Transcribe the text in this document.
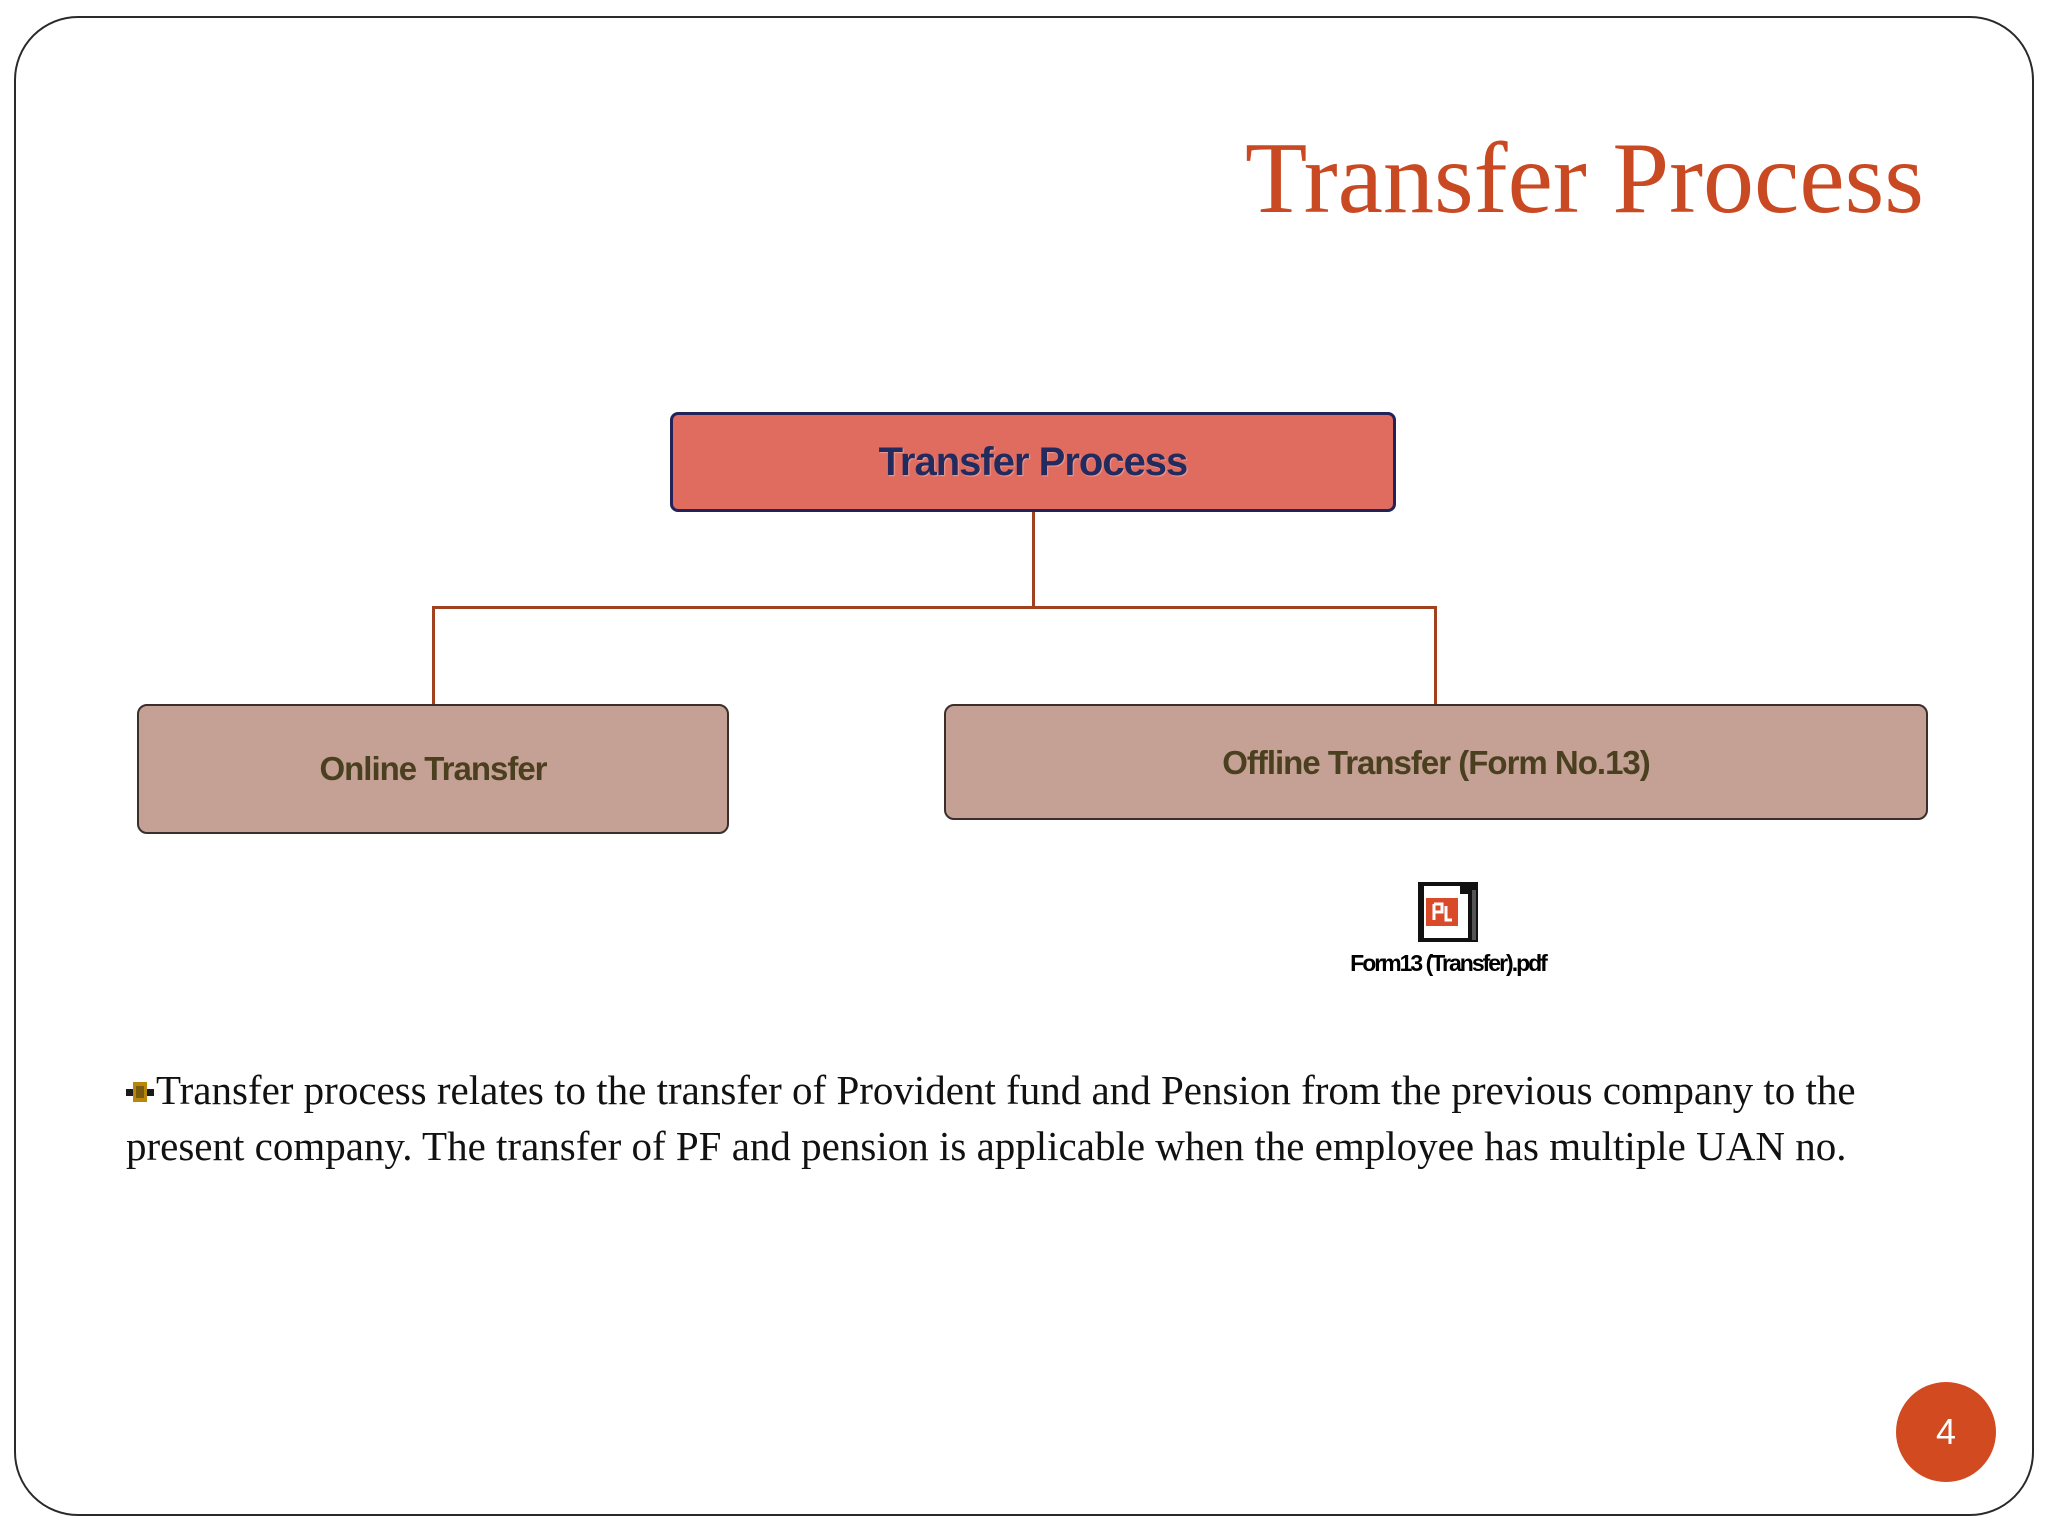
Transfer Process
Transfer Process
Online Transfer	Offline Transfer (Form No.13)
Form13 (Transfer).pdf

Transfer process relates to the transfer of Provident fund and Pension from the previous company to the present company. The transfer of PF and pension is applicable when the employee has multiple UAN no.

4
